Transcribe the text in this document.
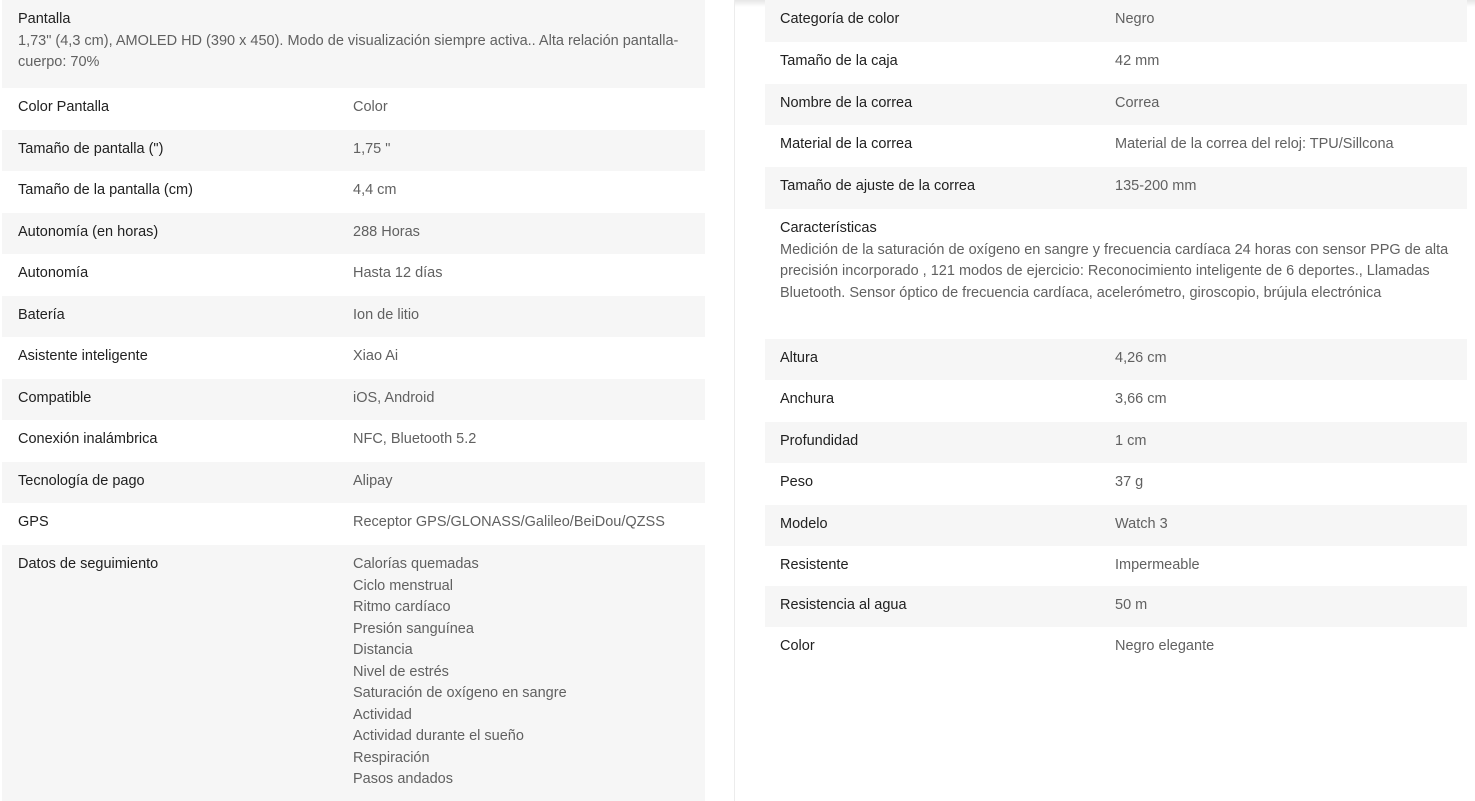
Pantalla
1,73" (4,3 cm), AMOLED HD (390 x 450). Modo de visualización siempre activa.. Alta relación pantalla-cuerpo: 70%
Color Pantalla	Color
Tamaño de pantalla (")	1,75 "
Tamaño de la pantalla (cm)	4,4 cm
Autonomía (en horas)	288 Horas
Autonomía	Hasta 12 días
Batería	Ion de litio
Asistente inteligente	Xiao Ai
Compatible	iOS, Android
Conexión inalámbrica	NFC, Bluetooth 5.2
Tecnología de pago	Alipay
GPS	Receptor GPS/GLONASS/Galileo/BeiDou/QZSS
Datos de seguimiento	Calorías quemadas
Ciclo menstrual
Ritmo cardíaco
Presión sanguínea
Distancia
Nivel de estrés
Saturación de oxígeno en sangre
Actividad
Actividad durante el sueño
Respiración
Pasos andados
Categoría de color	Negro
Tamaño de la caja	42 mm
Nombre de la correa	Correa
Material de la correa	Material de la correa del reloj: TPU/Sillcona
Tamaño de ajuste de la correa	135-200 mm
Características
Medición de la saturación de oxígeno en sangre y frecuencia cardíaca 24 horas con sensor PPG de alta precisión incorporado , 121 modos de ejercicio: Reconocimiento inteligente de 6 deportes., Llamadas Bluetooth. Sensor óptico de frecuencia cardíaca, acelerómetro, giroscopio, brújula electrónica
Altura	4,26 cm
Anchura	3,66 cm
Profundidad	1 cm
Peso	37 g
Modelo	Watch 3
Resistente	Impermeable
Resistencia al agua	50 m
Color	Negro elegante
